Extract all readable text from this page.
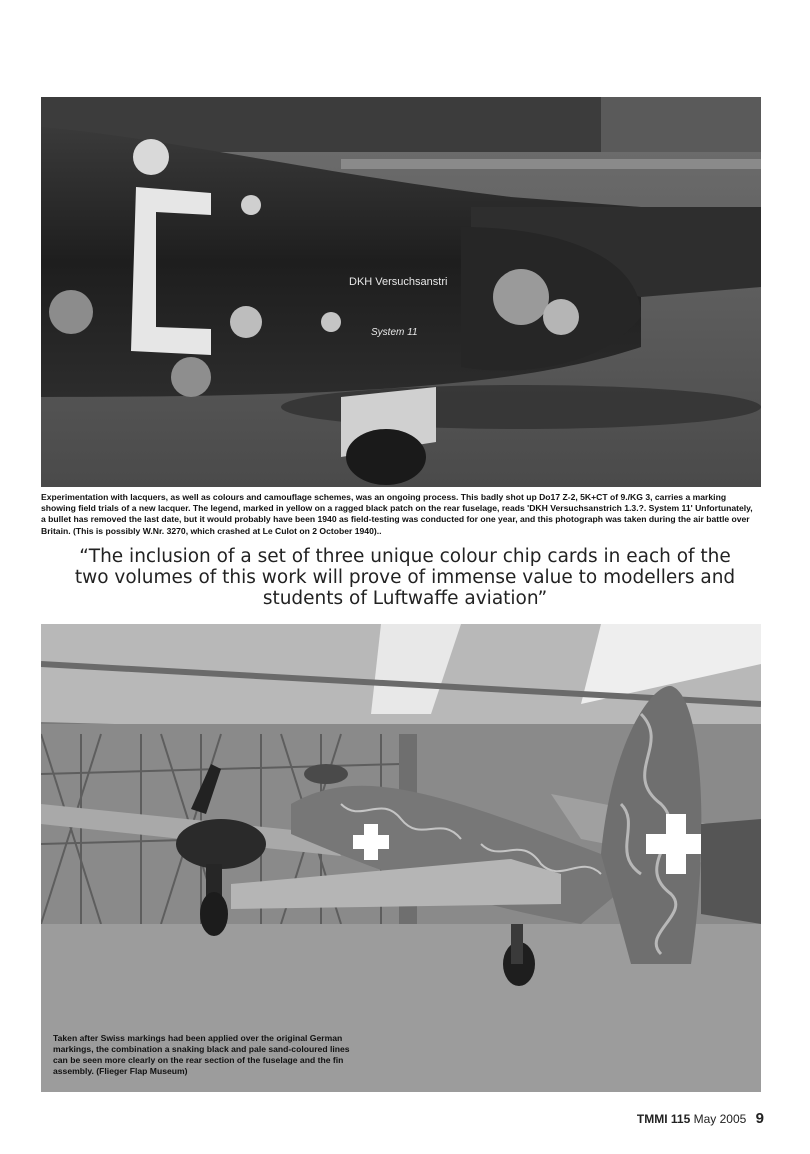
DKH Versuchsanstri
System 11
Experimentation with lacquers, as well as colours and camouflage schemes, was an ongoing process. This badly shot up Do17 Z-2, 5K+CT of 9./KG 3, carries a marking showing field trials of a new lacquer. The legend, marked in yellow on a ragged black patch on the rear fuselage, reads 'DKH Versuchsanstrich 1.3.?. System 11' Unfortunately, a bullet has removed the last date, but it would probably have been 1940 as field-testing was conducted for one year, and this photograph was taken during the air battle over Britain. (This is possibly W.Nr. 3270, which crashed at Le Culot on 2 October 1940)..
“The inclusion of a set of three unique colour chip cards in each of the two volumes of this work will prove of immense value to modellers and students of Luftwaffe aviation”
Taken after Swiss markings had been applied over the original German markings, the combination a snaking black and pale sand-coloured lines can be seen more clearly on the rear section of the fuselage and the fin assembly. (Flieger Flap Museum)
TMMI 115 May 2005 9
